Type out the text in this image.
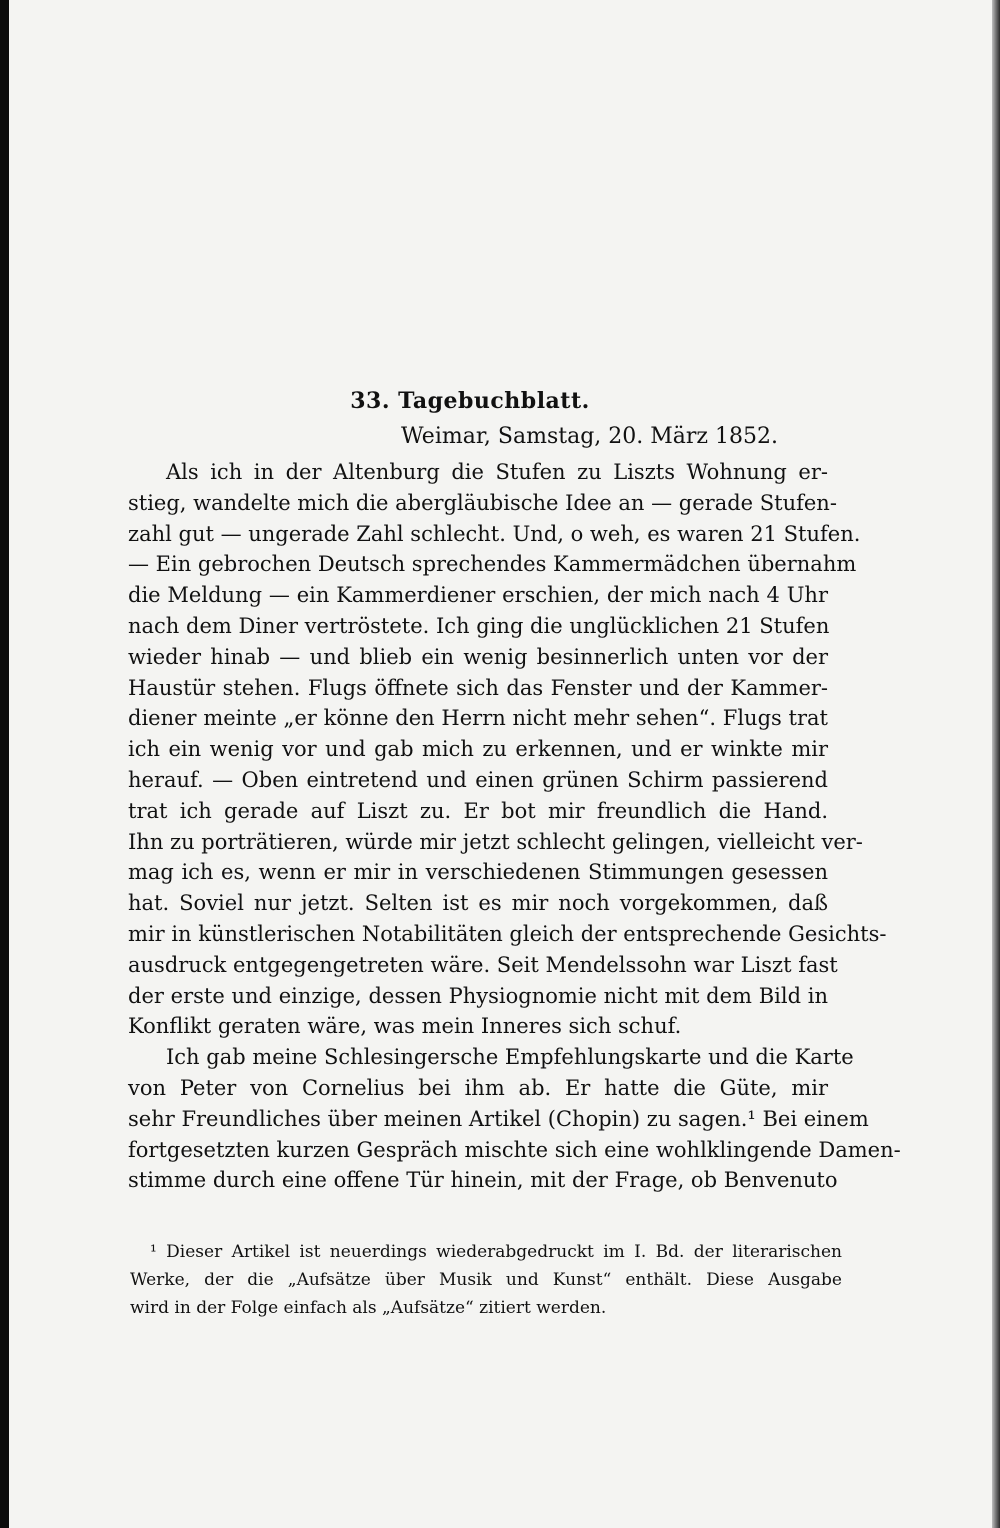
33. Tagebuchblatt.
Weimar, Samstag, 20. März 1852.
Als ich in der Altenburg die Stufen zu Liszts Wohnung er-
stieg, wandelte mich die abergläubische Idee an — gerade Stufen-
zahl gut — ungerade Zahl schlecht. Und, o weh, es waren 21 Stufen.
— Ein gebrochen Deutsch sprechendes Kammermädchen übernahm
die Meldung — ein Kammerdiener erschien, der mich nach 4 Uhr
nach dem Diner vertröstete. Ich ging die unglücklichen 21 Stufen
wieder hinab — und blieb ein wenig besinnerlich unten vor der
Haustür stehen. Flugs öffnete sich das Fenster und der Kammer-
diener meinte „er könne den Herrn nicht mehr sehen“. Flugs trat
ich ein wenig vor und gab mich zu erkennen, und er winkte mir
herauf. — Oben eintretend und einen grünen Schirm passierend
trat ich gerade auf Liszt zu. Er bot mir freundlich die Hand.
Ihn zu porträtieren, würde mir jetzt schlecht gelingen, vielleicht ver-
mag ich es, wenn er mir in verschiedenen Stimmungen gesessen
hat. Soviel nur jetzt. Selten ist es mir noch vorgekommen, daß
mir in künstlerischen Notabilitäten gleich der entsprechende Gesichts-
ausdruck entgegengetreten wäre. Seit Mendelssohn war Liszt fast
der erste und einzige, dessen Physiognomie nicht mit dem Bild in
Konflikt geraten wäre, was mein Inneres sich schuf.
Ich gab meine Schlesingersche Empfehlungskarte und die Karte
von Peter von Cornelius bei ihm ab. Er hatte die Güte, mir
sehr Freundliches über meinen Artikel (Chopin) zu sagen.¹ Bei einem
fortgesetzten kurzen Gespräch mischte sich eine wohlklingende Damen-
stimme durch eine offene Tür hinein, mit der Frage, ob Benvenuto
¹ Dieser Artikel ist neuerdings wiederabgedruckt im I. Bd. der literarischen
Werke, der die „Aufsätze über Musik und Kunst“ enthält. Diese Ausgabe
wird in der Folge einfach als „Aufsätze“ zitiert werden.
